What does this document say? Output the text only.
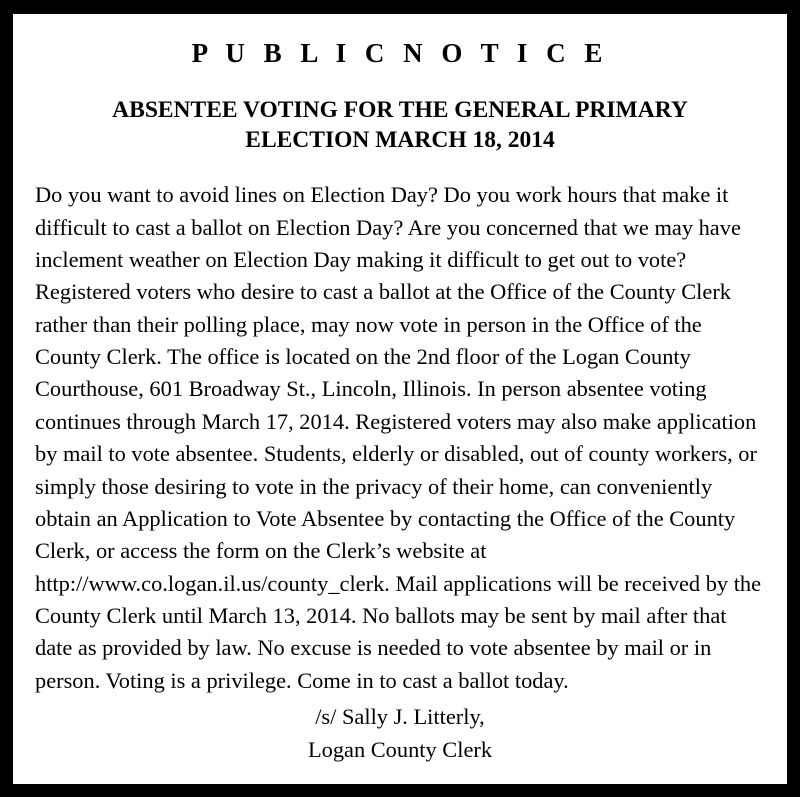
P U B L I C N O T I C E
ABSENTEE VOTING FOR THE GENERAL PRIMARY
ELECTION MARCH 18, 2014

Do you want to avoid lines on Election Day? Do you work hours that make it difficult to cast a ballot on Election Day? Are you concerned that we may have inclement weather on Election Day making it difficult to get out to vote? Registered voters who desire to cast a ballot at the Office of the County Clerk rather than their polling place, may now vote in person in the Office of the County Clerk. The office is located on the 2nd floor of the Logan County Courthouse, 601 Broadway St., Lincoln, Illinois. In person absentee voting continues through March 17, 2014. Registered voters may also make application by mail to vote absentee. Students, elderly or disabled, out of county workers, or simply those desiring to vote in the privacy of their home, can conveniently obtain an Application to Vote Absentee by contacting the Office of the County Clerk, or access the form on the Clerk’s website at http://www.co.logan.il.us/county_clerk. Mail applications will be received by the County Clerk until March 13, 2014. No ballots may be sent by mail after that date as provided by law. No excuse is needed to vote absentee by mail or in person. Voting is a privilege. Come in to cast a ballot today.

/s/ Sally J. Litterly,
Logan County Clerk
